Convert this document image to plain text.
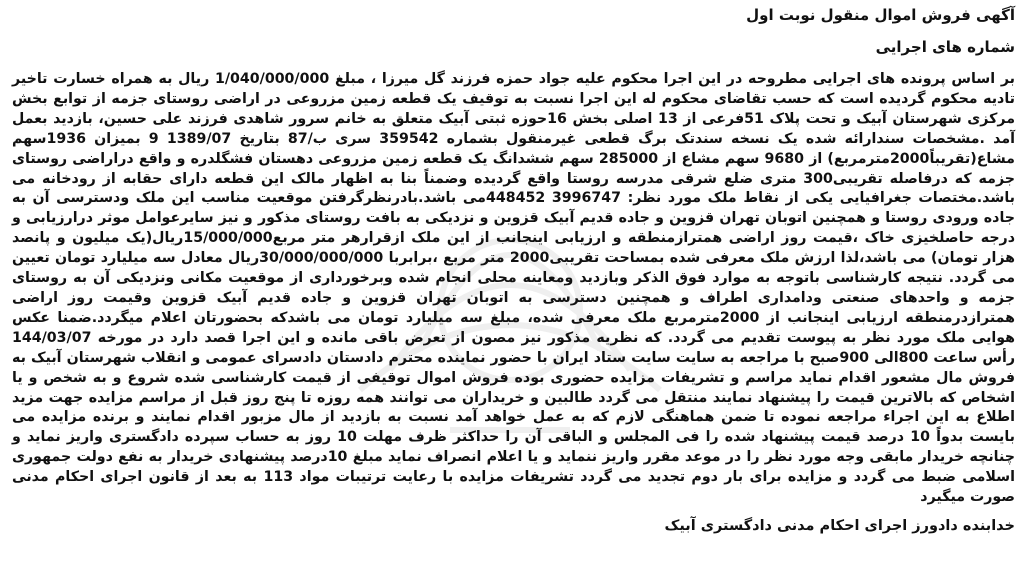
آگهی فروش اموال منقول نوبت اول
شماره های اجرایی

بر اساس پرونده های اجرایی مطروحه در این اجرا محکوم علیه جواد حمزه فرزند گل میرزا ، مبلغ 1/040/000/000 ریال به همراه خسارت تاخیر تادیه محکوم گردیده است که حسب تقاضای محکوم له این اجرا نسبت به توقیف یک قطعه زمین مزروعی در اراضی روستای جزمه از توابع بخش مرکزی شهرستان آبیک و تحت پلاک 51فرعی از 13 اصلی بخش 16حوزه ثبتی آبیک متعلق به خانم سرور شاهدی فرزند علی حسین، بازدید بعمل آمد .مشخصات سندارائه شده یک نسخه سندتک برگ قطعی غیرمنقول بشماره 359542 سری ب/87 بتاریخ 1389/07 9 بمیزان 1936سهم مشاع(تقریباً2000مترمربع) از 9680 سهم مشاع از 285000 سهم ششدانگ یک قطعه زمین مزروعی دهستان فشگلدره و واقع دراراضی روستای جزمه که درفاصله تقریبی300 متری ضلع شرقی مدرسه روستا واقع گردیده وضمناً بنا به اظهار مالک این قطعه دارای حقابه از رودخانه می باشد.مختصات جغرافیایی یکی از نقاط ملک مورد نظر: 3996747 448452می باشد.بادرنظرگرفتن موقعیت مناسب این ملک ودسترسی آن به جاده ورودی روستا و همچنین اتوبان تهران قزوین و جاده قدیم آبیک قزوین و نزدیکی به بافت روستای مذکور و نیز سایرعوامل موثر درارزیابی و درجه حاصلخیزی خاک ،قیمت روز اراضی همترازمنطقه و ارزیابی اینجانب از این ملک ازقرارهر متر مربع15/000/000ریال(یک میلیون و پانصد هزار تومان) می باشد،لذا ارزش ملک معرفی شده بمساحت تقریبی2000 متر مربع ،برابربا 30/000/000/000ریال معادل سه میلیارد تومان تعیین می گردد. نتیجه کارشناسی باتوجه به موارد فوق الذکر وبازدید ومعاینه محلی انجام شده وبرخورداری از موقعیت مکانی ونزدیکی آن به روستای جزمه و واحدهای صنعتی ودامداری اطراف و همچنین دسترسی به اتوبان تهران قزوین و جاده قدیم آبیک قزوین وقیمت روز اراضی همترازدرمنطقه ارزیابی اینجانب از 2000مترمربع ملک معرفی شده، مبلغ سه میلیارد تومان می باشدکه بحضورتان اعلام میگردد.ضمنا عکس هوایی ملک مورد نظر به پیوست تقدیم می گردد. که نظریه مذکور نیز مصون از تعرض باقی مانده و این اجرا قصد دارد در مورخه 144/03/07 رأس ساعت 800الی 900صبح با مراجعه به سایت سایت ستاد ایران با حضور نماینده محترم دادستان دادسرای عمومی و انقلاب شهرستان آبیک به فروش مال مشعور اقدام نماید مراسم و تشریفات مزایده حضوری بوده فروش اموال توقیفی از قیمت کارشناسی شده شروع و به شخص و یا اشخاص که بالاترین قیمت را پیشنهاد نمایند منتقل می گردد طالبین و خریداران می توانند همه روزه تا پنج روز قبل از مراسم مزایده جهت مزید اطلاع به این اجراء مراجعه نموده تا ضمن هماهنگی لازم که به عمل خواهد آمد نسبت به بازدید از مال مزبور اقدام نمایند و برنده مزایده می بایست بدواً 10 درصد قیمت پیشنهاد شده را فی المجلس و الباقی آن را حداکثر ظرف مهلت 10 روز به حساب سپرده دادگستری واریز نماید و چنانچه خریدار مابقی وجه مورد نظر را در موعد مقرر واریز ننماید و یا اعلام انصراف نماید مبلغ 10درصد پیشنهادی خریدار به نفع دولت جمهوری اسلامی ضبط می گردد و مزایده برای بار دوم تجدید می گردد تشریفات مزایده با رعایت ترتیبات مواد 113 به بعد از قانون اجرای احکام مدنی صورت میگیرد

خدابنده دادورز اجرای احکام مدنی دادگستری آبیک
